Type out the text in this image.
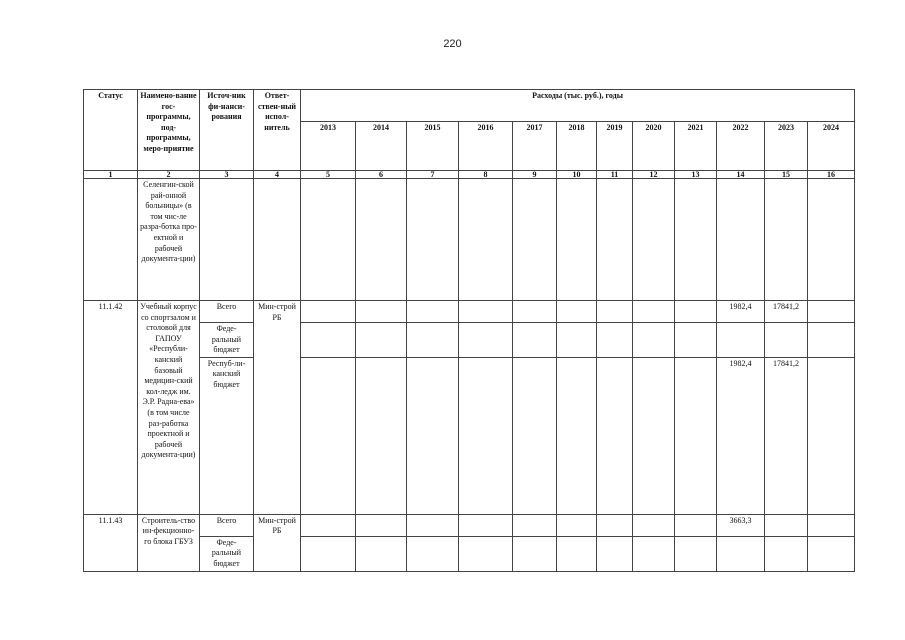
220
Статус	Наимено-вание гос-программы, под-программы, меро-приятие	Источ-ник фи-нанси-рования	Ответ-ствен-ный испол-нитель	Расходы (тыс. руб.), годы											
				2013	2014	2015	2016	2017	2018	2019	2020	2021	2022	2023	2024
1	2	3	4	5	6	7	8	9	10	11	12	13	14	15	16
	Селенгин-ской рай-онной больницы» (в том чис-ле разра-ботка про-ектной и рабочей документа-ции)														
11.1.42	Учебный корпус со спортзалом и столовой для ГАПОУ «Республи-канский базовый медицин-ский кол-ледж им. Э.Р. Радна-ева» (в том числе раз-работка проектной и рабочей документа-ции)	Всего	Мин-строй РБ										1982,4	17841,2	
		Феде-ральный бюджет													
		Респуб-ли-канский бюджет											1982,4	17841,2	
11.1.43	Строитель-ство ин-фекционно-го блока ГБУЗ	Всего	Мин-строй РБ										3663,3		
		Феде-ральный бюджет													
